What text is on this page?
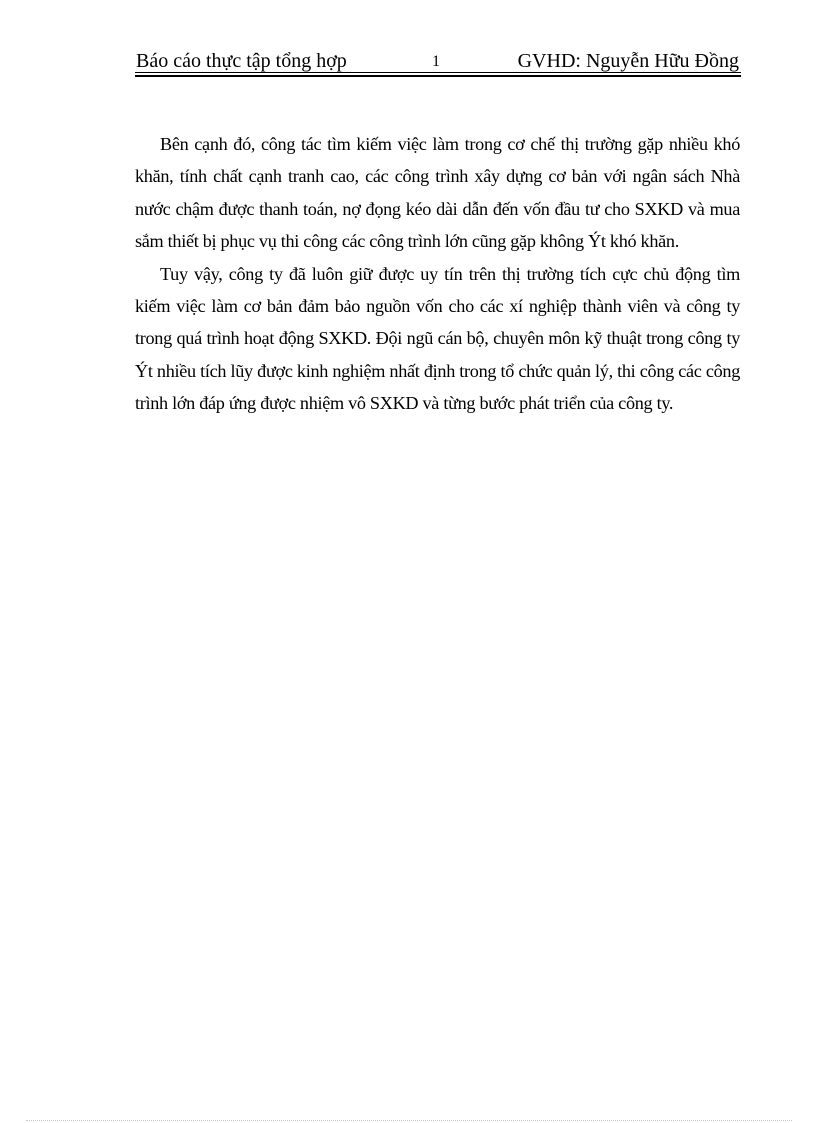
Báo cáo thực tập tổng hợp	1	GVHD: Nguyễn Hữu Đồng

Bên cạnh đó, công tác tìm kiếm việc làm trong cơ chế thị trường gặp nhiều khó khăn, tính chất cạnh tranh cao, các công trình xây dựng cơ bản với ngân sách Nhà nước chậm được thanh toán, nợ đọng kéo dài dẫn đến vốn đầu tư cho SXKD và mua sắm thiết bị phục vụ thi công các công trình lớn cũng gặp không Ýt khó khăn.

Tuy vậy, công ty đã luôn giữ được uy tín trên thị trường tích cực chủ động tìm kiếm việc làm cơ bản đảm bảo nguồn vốn cho các xí nghiệp thành viên và công ty trong quá trình hoạt động SXKD. Đội ngũ cán bộ, chuyên môn kỹ thuật trong công ty Ýt nhiều tích lũy được kinh nghiệm nhất định trong tổ chức quản lý, thi công các công trình lớn đáp ứng được nhiệm vô SXKD và từng bước phát triển của công ty.
